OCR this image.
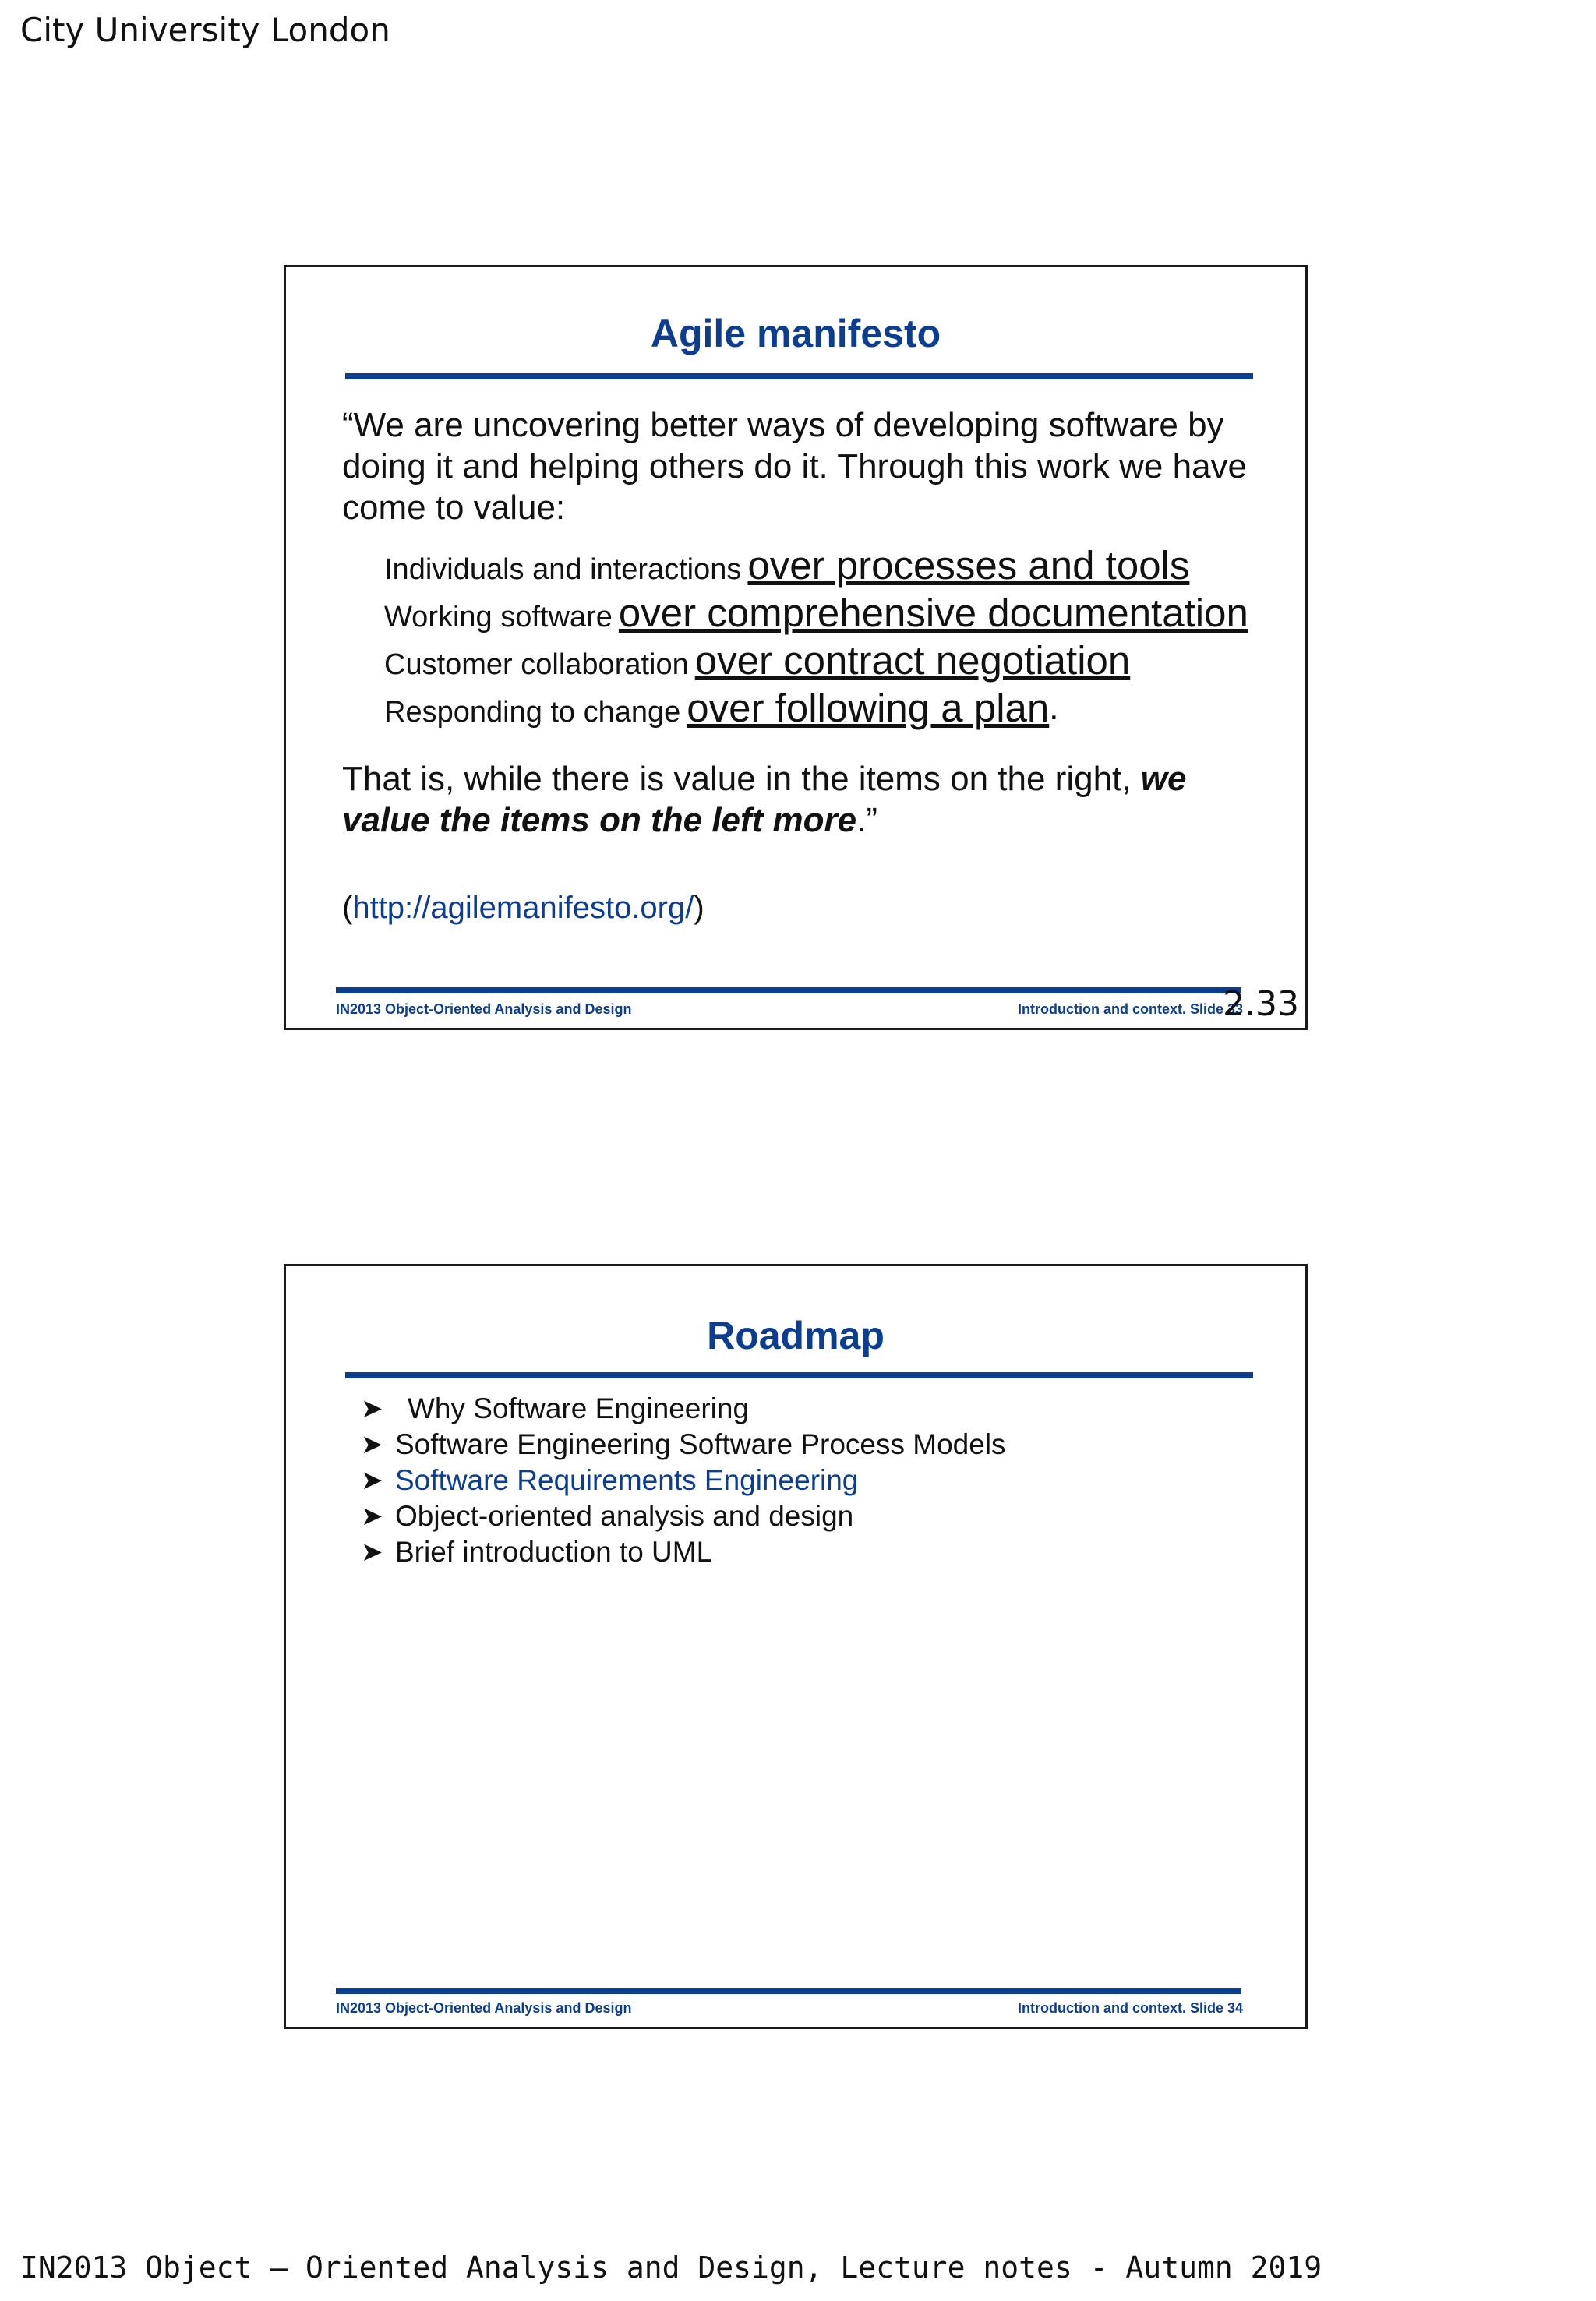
City University London
Agile manifesto
“We are uncovering better ways of developing software by doing it and helping others do it. Through this work we have come to value:
Individuals and interactions over processes and tools
Working software over comprehensive documentation
Customer collaboration over contract negotiation
Responding to change over following a plan .
That is, while there is value in the items on the right, we value the items on the left more.”
(http://agilemanifesto.org/)
IN2013 Object-Oriented Analysis and Design	Introduction and context. Slide 33
2.33
Roadmap
➤ Why Software Engineering
➤ Software Engineering Software Process Models
➤ Software Requirements Engineering
➤ Object-oriented analysis and design
➤ Brief introduction to UML
IN2013 Object-Oriented Analysis and Design	Introduction and context. Slide 34
IN2013 Object – Oriented Analysis and Design, Lecture notes - Autumn 2019
